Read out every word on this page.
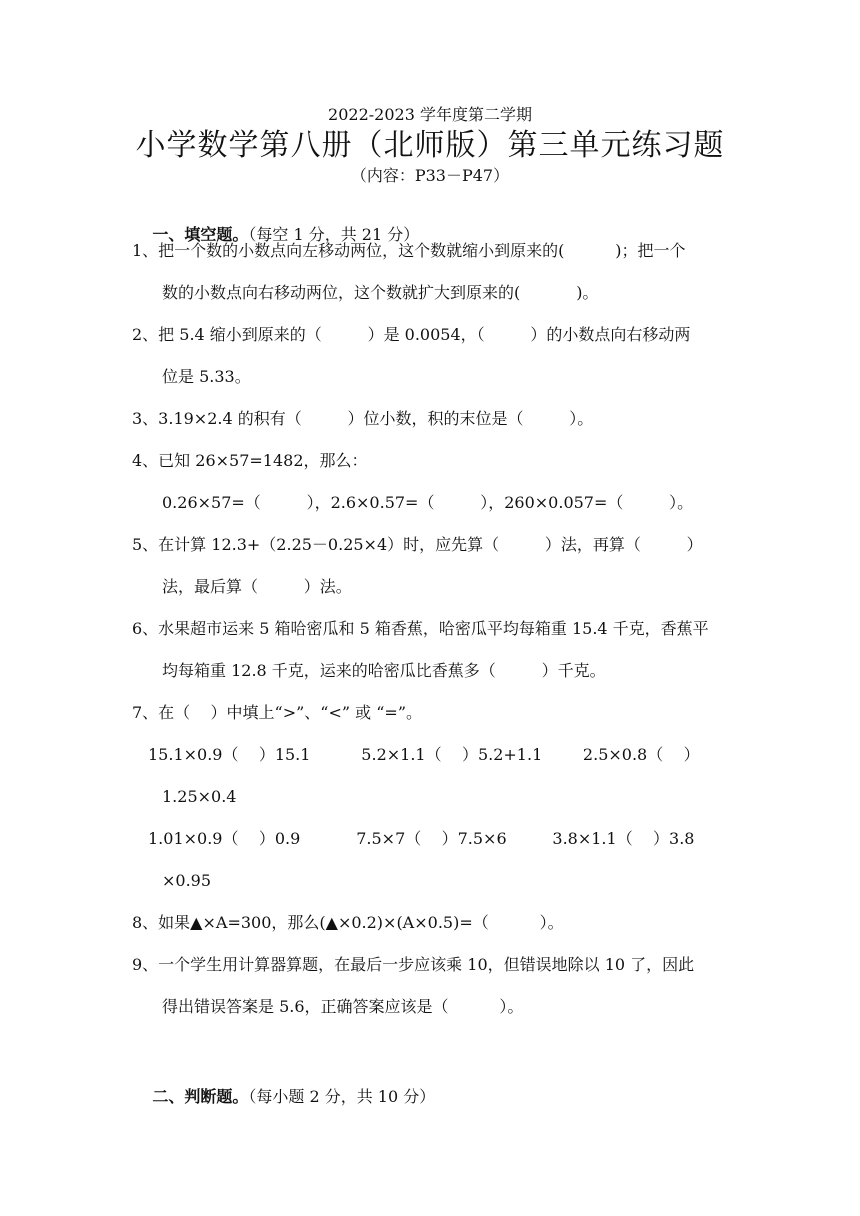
2022-2023 学年度第二学期
小学数学第八册（北师版）第三单元练习题
（内容：P33－P47）

一、填空题。（每空 1 分，共 21 分）

1、把一个数的小数点向左移动两位，这个数就缩小到原来的(          )；把一个
数的小数点向右移动两位，这个数就扩大到原来的(           )。
2、把 5.4 缩小到原来的（         ）是 0.0054，（         ）的小数点向右移动两
位是 5.33。
3、3.19×2.4 的积有（         ）位小数，积的末位是（         ）。
4、已知 26×57=1482，那么：
0.26×57=（         ），2.6×0.57=（         ），260×0.057=（         ）。
5、在计算 12.3+（2.25－0.25×4）时，应先算（         ）法，再算（         ）
法，最后算（         ）法。
6、水果超市运来 5 箱哈密瓜和 5 箱香蕉，哈密瓜平均每箱重 15.4 千克，香蕉平
均每箱重 12.8 千克，运来的哈密瓜比香蕉多（         ）千克。
7、在（    ）中填上“>”、“<” 或 “=”。
15.1×0.9（    ）15.1          5.2×1.1（    ）5.2+1.1        2.5×0.8（    ）
1.25×0.4
1.01×0.9（    ）0.9           7.5×7（    ）7.5×6         3.8×1.1（    ）3.8
×0.95
8、如果▲×A=300，那么(▲×0.2)×(A×0.5)=（          ）。
9、一个学生用计算器算题，在最后一步应该乘 10，但错误地除以 10 了，因此
得出错误答案是 5.6，正确答案应该是（          ）。

二、判断题。（每小题 2 分，共 10 分）
